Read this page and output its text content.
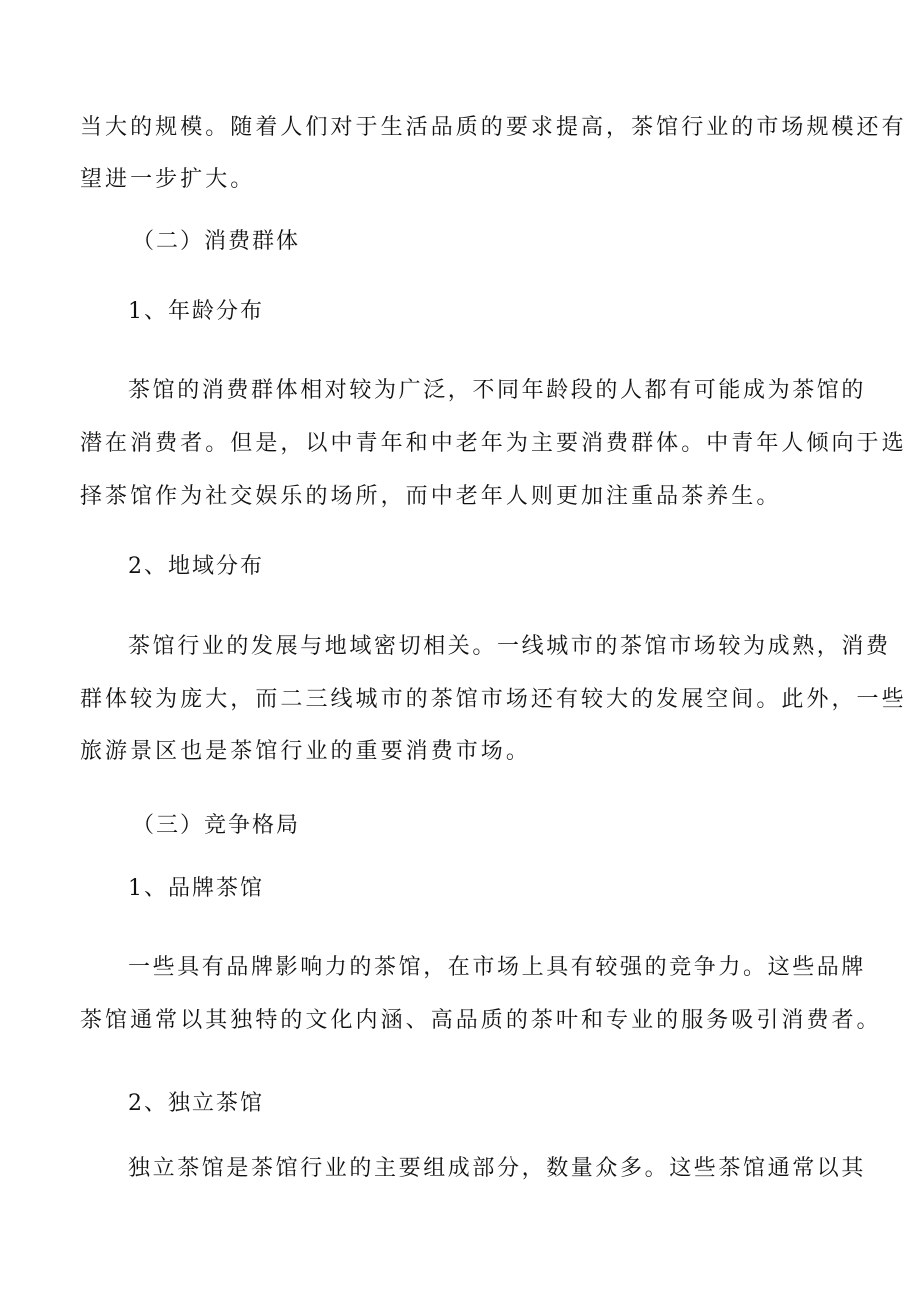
当大的规模。随着人们对于生活品质的要求提高，茶馆行业的市场规模还有
望进一步扩大。
（二）消费群体
1、年龄分布
茶馆的消费群体相对较为广泛，不同年龄段的人都有可能成为茶馆的
潜在消费者。但是，以中青年和中老年为主要消费群体。中青年人倾向于选
择茶馆作为社交娱乐的场所，而中老年人则更加注重品茶养生。
2、地域分布
茶馆行业的发展与地域密切相关。一线城市的茶馆市场较为成熟，消费
群体较为庞大，而二三线城市的茶馆市场还有较大的发展空间。此外，一些
旅游景区也是茶馆行业的重要消费市场。
（三）竞争格局
1、品牌茶馆
一些具有品牌影响力的茶馆，在市场上具有较强的竞争力。这些品牌
茶馆通常以其独特的文化内涵、高品质的茶叶和专业的服务吸引消费者。
2、独立茶馆
独立茶馆是茶馆行业的主要组成部分，数量众多。这些茶馆通常以其
